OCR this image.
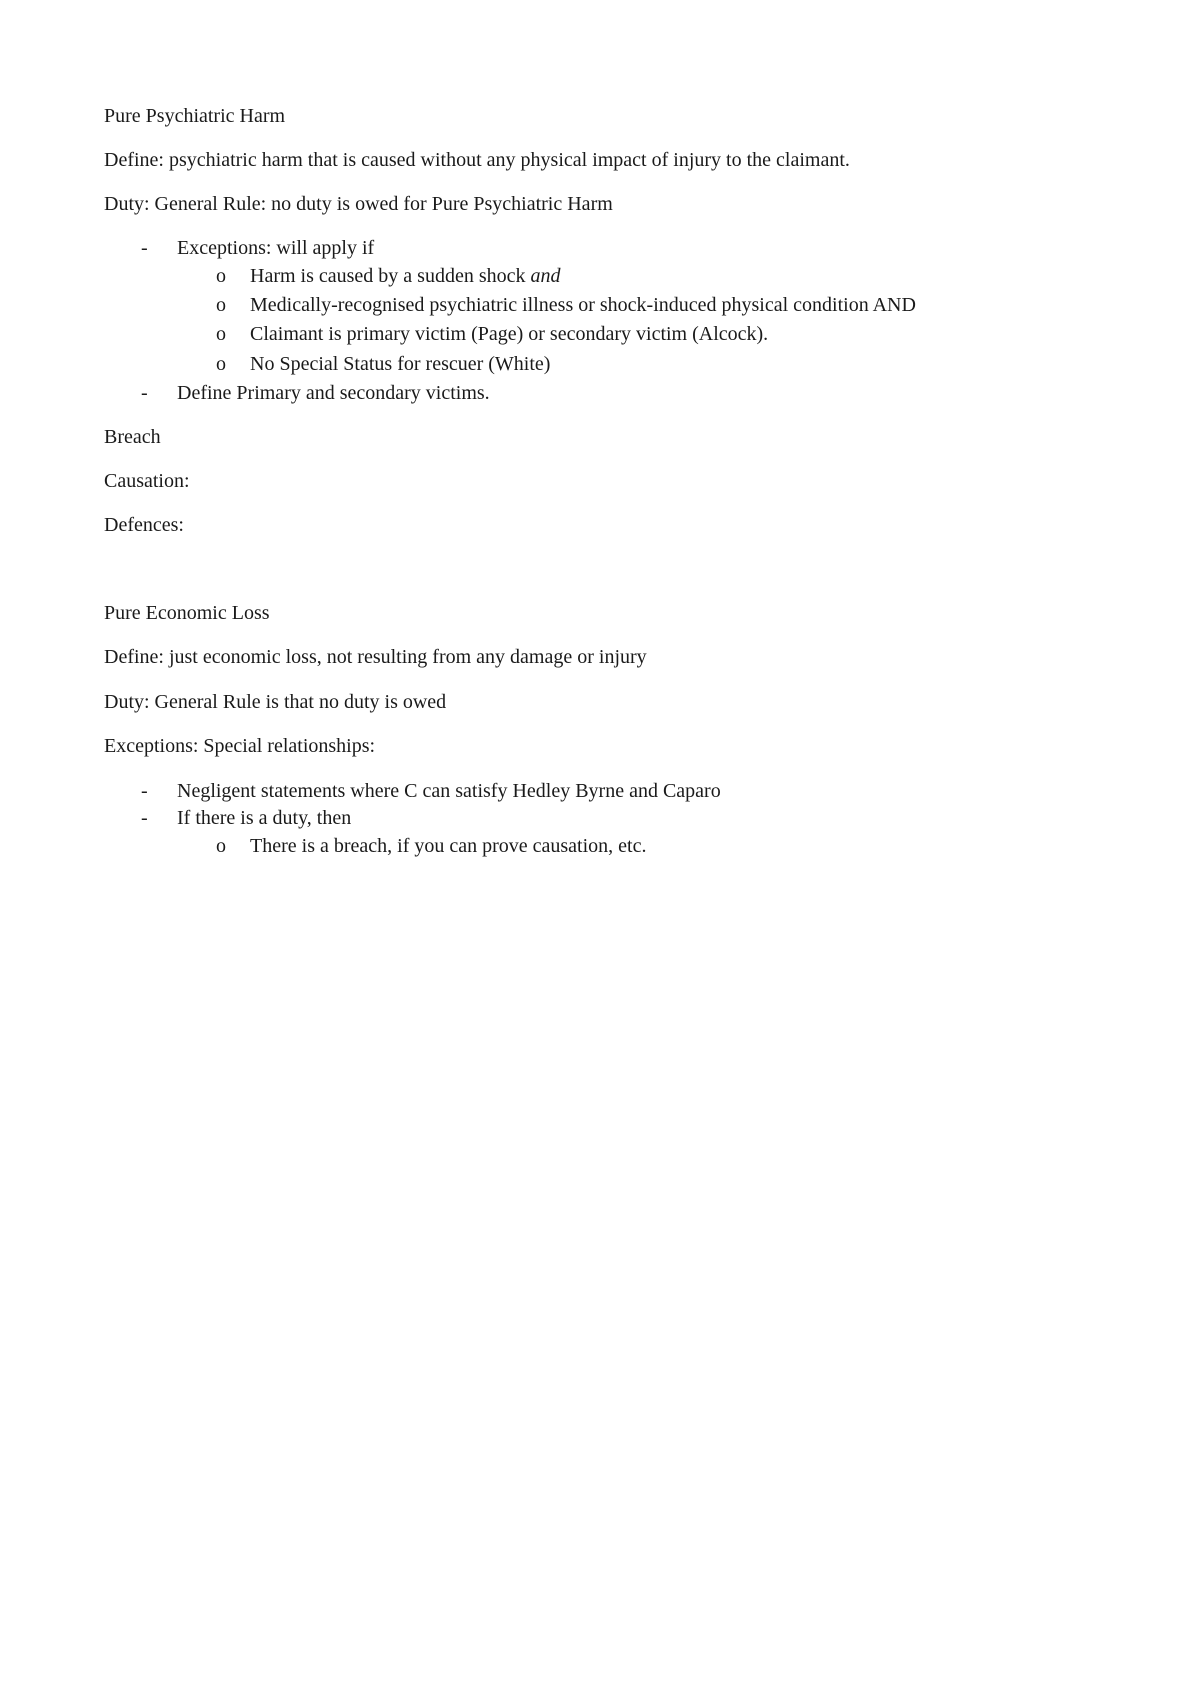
Pure Psychiatric Harm
Define: psychiatric harm that is caused without any physical impact of injury to the claimant.
Duty: General Rule: no duty is owed for Pure Psychiatric Harm
- Exceptions: will apply if
o Harm is caused by a sudden shock and
o Medically-recognised psychiatric illness or shock-induced physical condition AND
o Claimant is primary victim (Page) or secondary victim (Alcock).
o No Special Status for rescuer (White)
- Define Primary and secondary victims.
Breach
Causation:
Defences:
Pure Economic Loss
Define: just economic loss, not resulting from any damage or injury
Duty: General Rule is that no duty is owed
Exceptions: Special relationships:
- Negligent statements where C can satisfy Hedley Byrne and Caparo
- If there is a duty, then
o There is a breach, if you can prove causation, etc.
